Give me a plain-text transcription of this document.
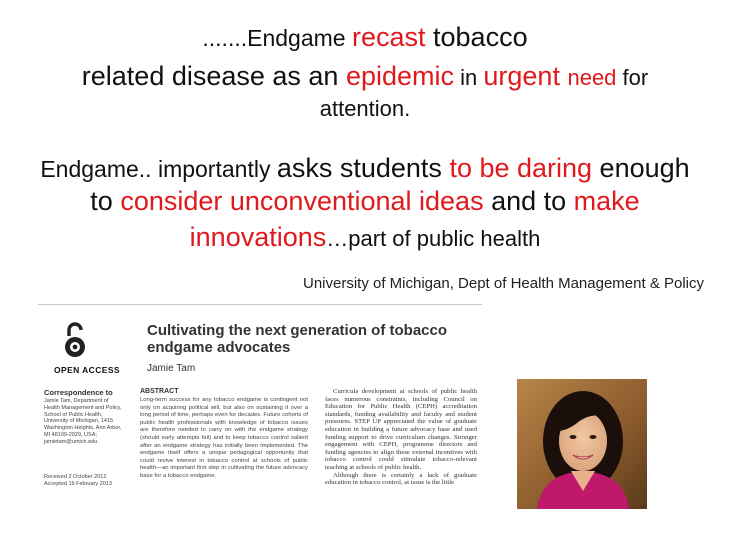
.......Endgame recast tobacco
related disease as an epidemic in urgent need for
attention.
Endgame.. importantly asks students to be daring enough
to consider unconventional ideas and to make
innovations…part of public health
University of Michigan, Dept of Health Management & Policy
OPEN ACCESS
Cultivating the next generation of tobacco endgame advocates
Jamie Tam
Correspondence to
Jamie Tam, Department of Health Management and Policy, School of Public Health, University of Michigan, 1415 Washington Heights, Ann Arbor, MI 48109-2029, USA; jamietam@umich.edu
Received 2 October 2012 Accepted 19 February 2013
ABSTRACT
Long-term success for any tobacco endgame is contingent not only on acquiring political will, but also on sustaining it over a long period of time, perhaps even for decades. Future cohorts of public health professionals with knowledge of tobacco issues are therefore needed to carry on with the endgame strategy (should early attempts fail) and to keep tobacco control salient after an endgame strategy has initially been implemented. The endgame itself offers a unique pedagogical opportunity that could revive interest in tobacco control at schools of public health—an important first step in cultivating the future advocacy base for a tobacco endgame.

Curricula development at schools of public health faces numerous constraints, including Council on Education for Public Health (CEPH) accreditation standards, funding availability and faculty and student pressures. STEP UP appreciated the value of graduate education in building a future advocacy base and used funding support to drive curriculum changes. Stronger engagement with CEPH, programme directors and funding agencies to align these external incentives with tobacco control could stimulate tobacco-relevant teaching at schools of public health.

Although there is certainly a lack of graduate education in tobacco control, at issue is the little
